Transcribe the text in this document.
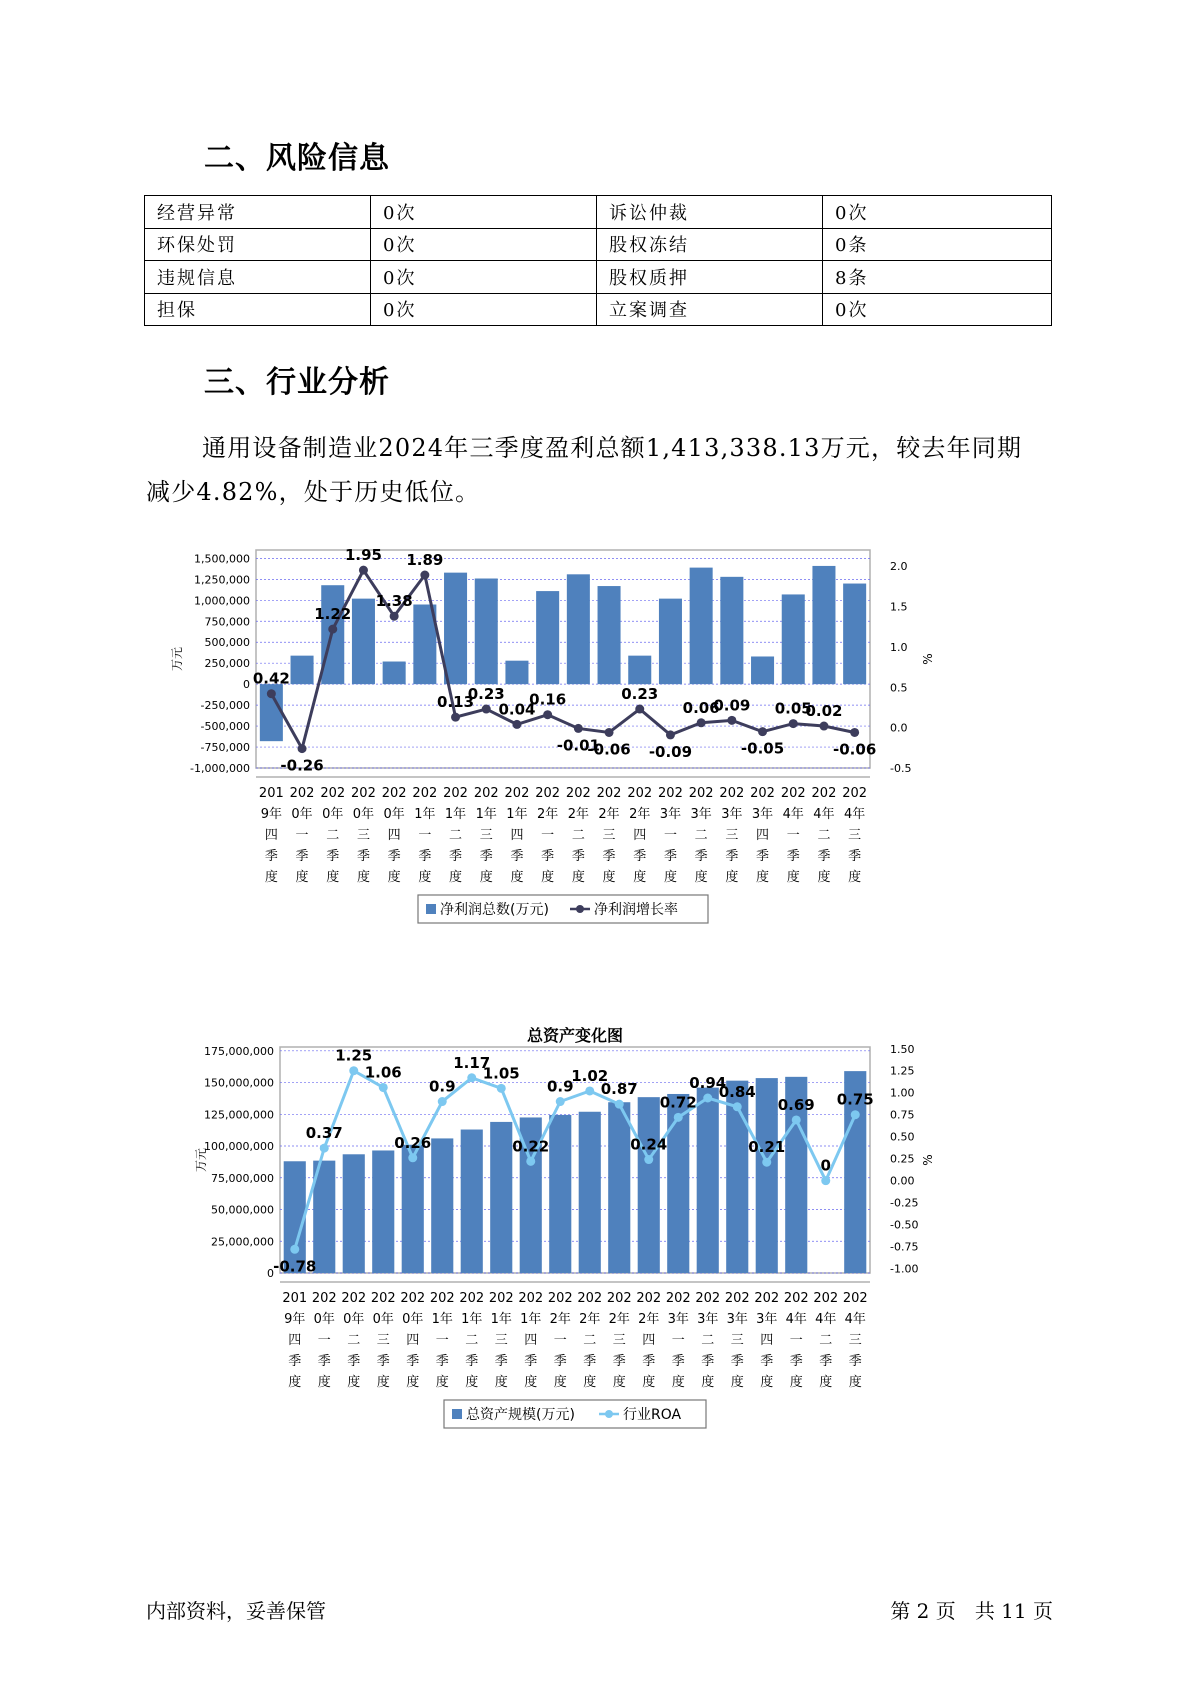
二、风险信息
经营异常	0次	诉讼仲裁	0次
环保处罚	0次	股权冻结	0条
违规信息	0次	股权质押	8条
担保	0次	立案调查	0次
三、行业分析
通用设备制造业2024年三季度盈利总额1,413,338.13万元，较去年同期减少4.82%，处于历史低位。
1,500,000
1,250,000
1,000,000
750,000
500,000
250,000
0
-250,000
-500,000
-750,000
-1,000,000
2.0
1.5
1.0
0.5
0.0
-0.5
万元	%
0.42
-0.26
1.22
1.95
1.38
1.89
0.13
0.23
0.04
0.16
-0.01
-0.06
0.23
-0.09
0.06
0.09
-0.05
0.05
0.02
-0.06
201
9年
四
季
度
202
0年
一
季
度
202
0年
二
季
度
202
0年
三
季
度
202
0年
四
季
度
202
1年
一
季
度
202
1年
二
季
度
202
1年
三
季
度
202
1年
四
季
度
202
2年
一
季
度
202
2年
二
季
度
202
2年
三
季
度
202
2年
四
季
度
202
3年
一
季
度
202
3年
二
季
度
202
3年
三
季
度
202
3年
四
季
度
202
4年
一
季
度
202
4年
二
季
度
202
4年
三
季
度
净利润总数(万元)	净利润增长率
总资产变化图
175,000,000
150,000,000
125,000,000
100,000,000
75,000,000
50,000,000
25,000,000
0
1.50
1.25
1.00
0.75
0.50
0.25
0.00
-0.25
-0.50
-0.75
-1.00
万元	%
-0.78
0.37
1.25
1.06
0.26
0.9
1.17
1.05
0.22
0.9
1.02
0.87
0.24
0.72
0.94
0.84
0.21
0.69
0
0.75
201
9年
四
季
度
202
0年
一
季
度
202
0年
二
季
度
202
0年
三
季
度
202
0年
四
季
度
202
1年
一
季
度
202
1年
二
季
度
202
1年
三
季
度
202
1年
四
季
度
202
2年
一
季
度
202
2年
二
季
度
202
2年
三
季
度
202
2年
四
季
度
202
3年
一
季
度
202
3年
二
季
度
202
3年
三
季
度
202
3年
四
季
度
202
4年
一
季
度
202
4年
二
季
度
202
4年
三
季
度
总资产规模(万元)	行业ROA
内部资料，妥善保管	第 2 页   共 11 页
